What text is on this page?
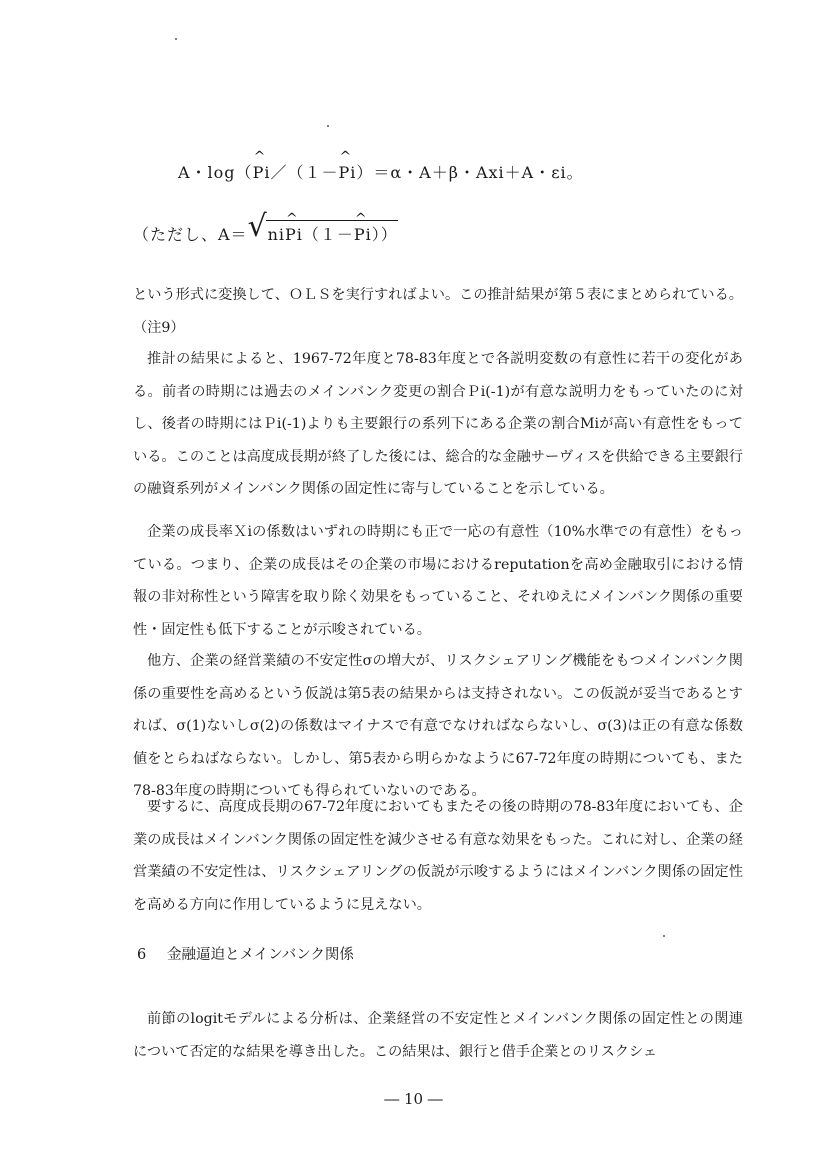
A・log（^ Pi／（１－^ Pi）＝α・A＋β・Axi＋A・εi。
（ただし、A＝ √ ni^ Pi（１－^ Pi））
という形式に変換して、ＯＬＳを実行すればよい。この推計結果が第５表にまとめられている。（注9）
推計の結果によると、1967-72年度と78-83年度とで各説明変数の有意性に若干の変化がある。前者の時期には過去のメインバンク変更の割合Ｐi(-1)が有意な説明力をもっていたのに対し、後者の時期にはＰi(-1)よりも主要銀行の系列下にある企業の割合Miが高い有意性をもっている。このことは高度成長期が終了した後には、総合的な金融サーヴィスを供給できる主要銀行の融資系列がメインバンク関係の固定性に寄与していることを示している。
企業の成長率Ｘiの係数はいずれの時期にも正で一応の有意性（10%水準での有意性）をもっている。つまり、企業の成長はその企業の市場におけるreputationを高め金融取引における情報の非対称性という障害を取り除く効果をもっていること、それゆえにメインバンク関係の重要性・固定性も低下することが示唆されている。
他方、企業の経営業績の不安定性σの増大が、リスクシェアリング機能をもつメインバンク関係の重要性を高めるという仮説は第5表の結果からは支持されない。この仮説が妥当であるとすれば、σ(1)ないしσ(2)の係数はマイナスで有意でなければならないし、σ(3)は正の有意な係数値をとらねばならない。しかし、第5表から明らかなように67-72年度の時期についても、また78-83年度の時期についても得られていないのである。
要するに、高度成長期の67-72年度においてもまたその後の時期の78-83年度においても、企業の成長はメインバンク関係の固定性を減少させる有意な効果をもった。これに対し、企業の経営業績の不安定性は、リスクシェアリングの仮説が示唆するようにはメインバンク関係の固定性を高める方向に作用しているように見えない。
6 金融逼迫とメインバンク関係
前節のlogitモデルによる分析は、企業経営の不安定性とメインバンク関係の固定性との関連について否定的な結果を導き出した。この結果は、銀行と借手企業とのリスクシェ
― 10 ―
